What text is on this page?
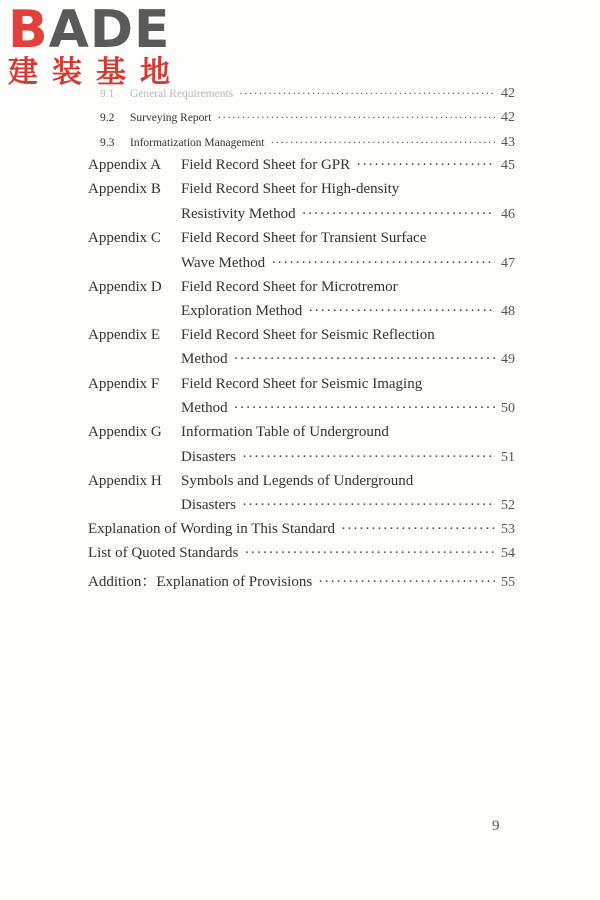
BADE
建装基地
9.1	General Requirements ·····	42
9.2	Surveying Report ·····	42
9.3	Informatization Management ·····	43
Appendix A	Field Record Sheet for GPR ·····	45
Appendix B Field Record Sheet for High-density
Resistivity Method ·····	46
Appendix C Field Record Sheet for Transient Surface
Wave Method ·····	47
Appendix D Field Record Sheet for Microtremor
Exploration Method ·····	48
Appendix E Field Record Sheet for Seismic Reflection
Method ·····	49
Appendix F Field Record Sheet for Seismic Imaging
Method ·····	50
Appendix G Information Table of Underground
Disasters ·····	51
Appendix H Symbols and Legends of Underground
Disasters ·····	52
Explanation of Wording in This Standard ·····	53
List of Quoted Standards ·····	54
Addition：Explanation of Provisions ·····	55
9
